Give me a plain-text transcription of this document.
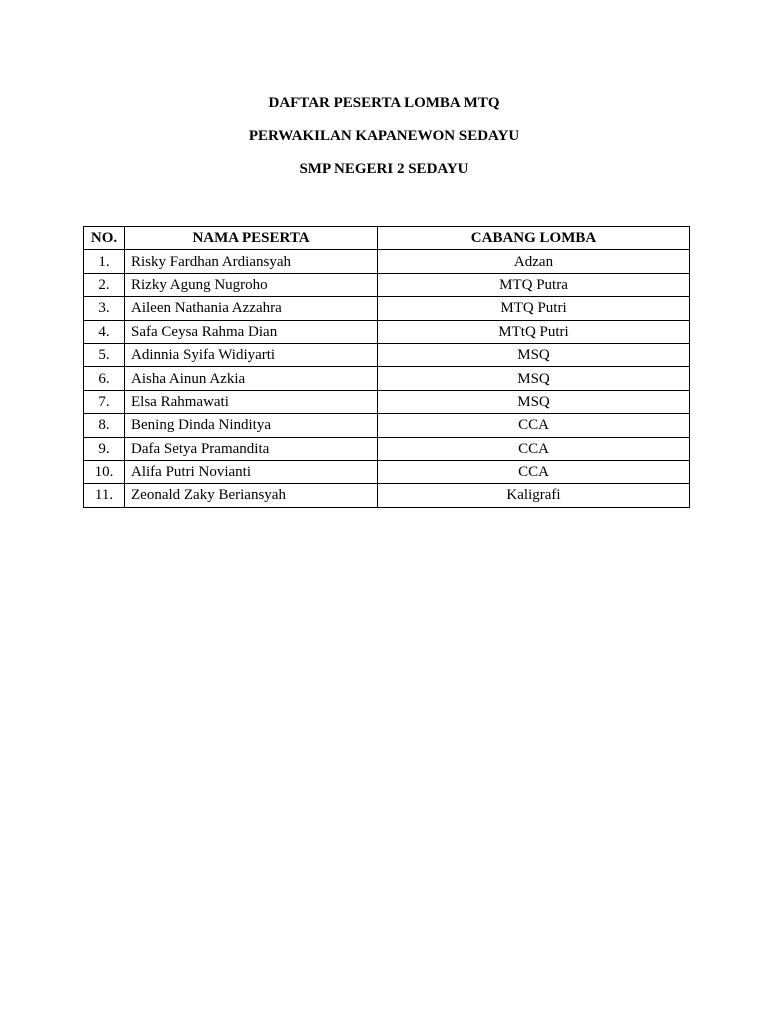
DAFTAR PESERTA LOMBA MTQ
PERWAKILAN KAPANEWON SEDAYU
SMP NEGERI 2 SEDAYU
NO.	NAMA PESERTA	CABANG LOMBA
1.	Risky Fardhan Ardiansyah	Adzan
2.	Rizky Agung Nugroho	MTQ Putra
3.	Aileen Nathania Azzahra	MTQ Putri
4.	Safa Ceysa Rahma Dian	MTtQ Putri
5.	Adinnia Syifa Widiyarti	MSQ
6.	Aisha Ainun Azkia	MSQ
7.	Elsa Rahmawati	MSQ
8.	Bening Dinda Ninditya	CCA
9.	Dafa Setya Pramandita	CCA
10.	Alifa Putri Novianti	CCA
11.	Zeonald Zaky Beriansyah	Kaligrafi
